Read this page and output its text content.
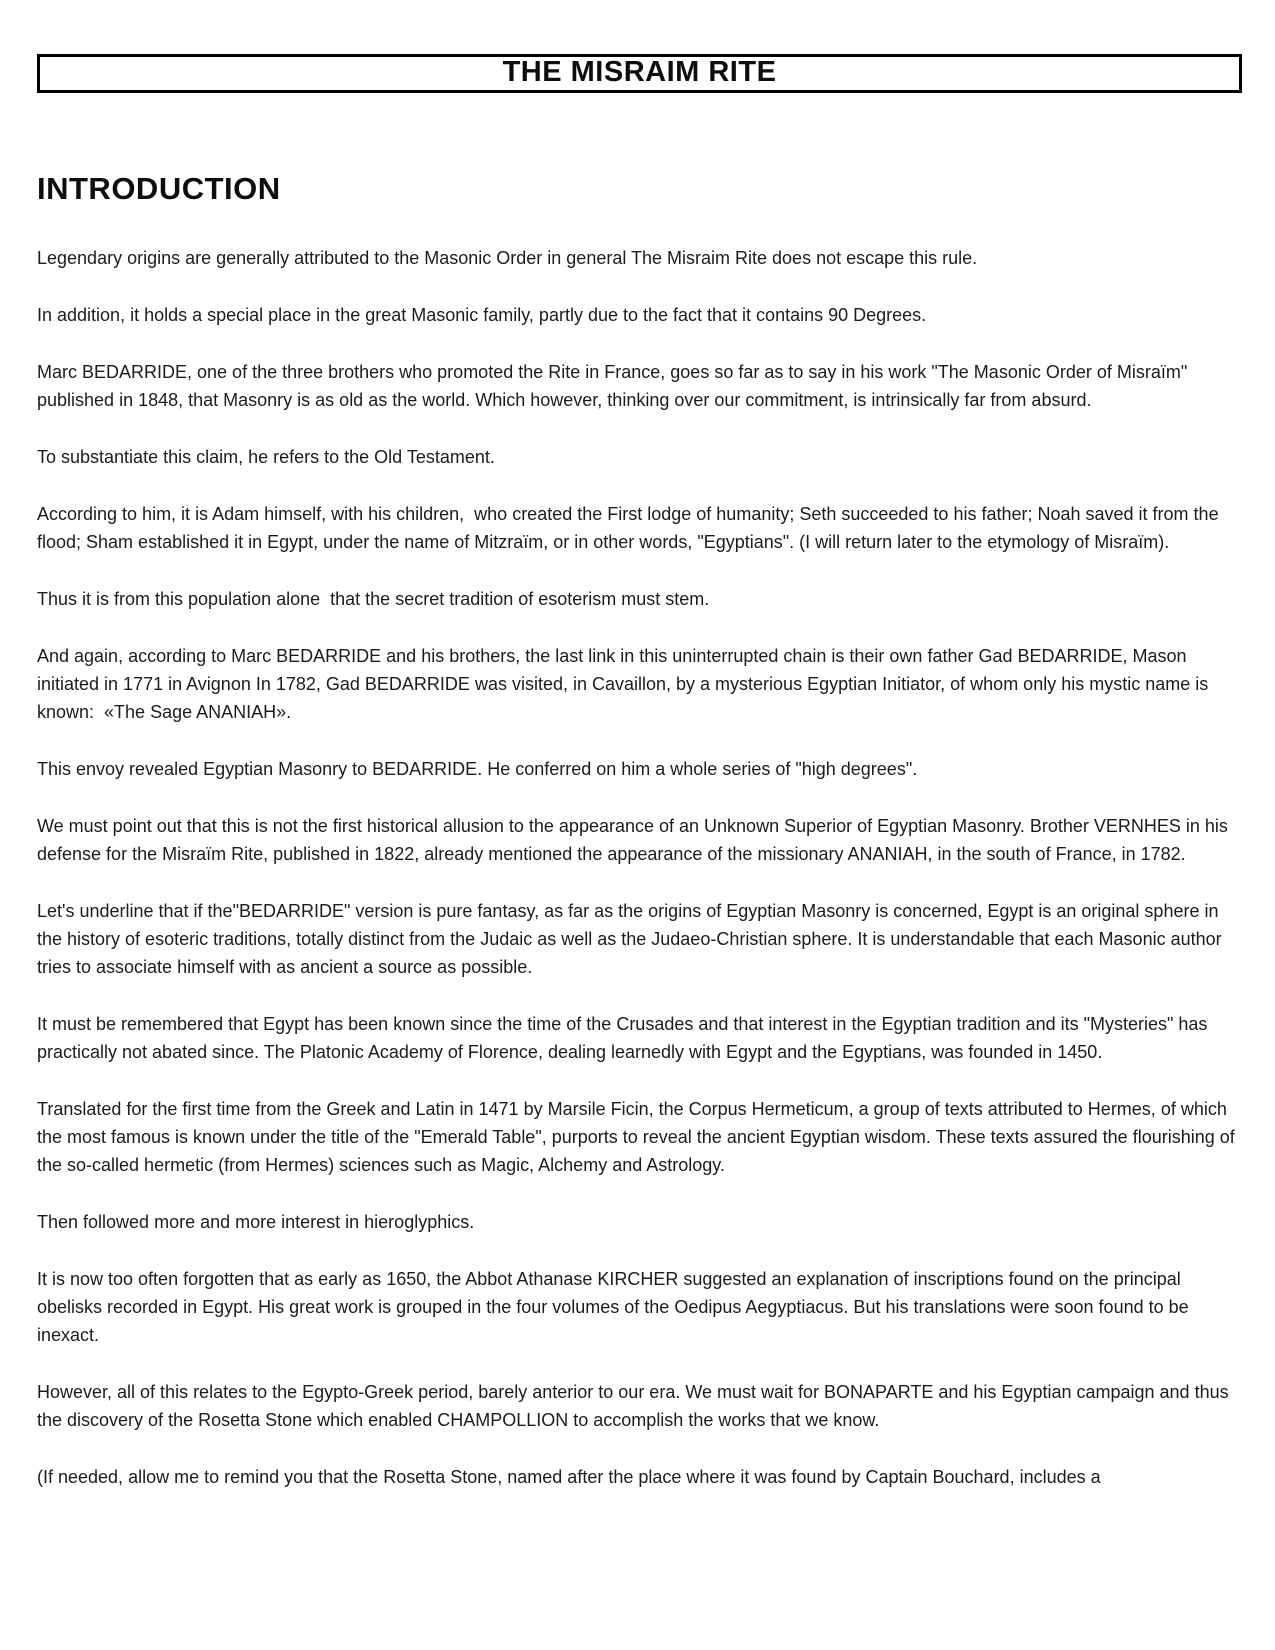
THE MISRAIM RITE
INTRODUCTION

Legendary origins are generally attributed to the Masonic Order in general The Misraim Rite does not escape this rule.

In addition, it holds a special place in the great Masonic family, partly due to the fact that it contains 90 Degrees.

Marc BEDARRIDE, one of the three brothers who promoted the Rite in France, goes so far as to say in his work "The Masonic Order of Misraïm" published in 1848, that Masonry is as old as the world. Which however, thinking over our commitment, is intrinsically far from absurd.

To substantiate this claim, he refers to the Old Testament.

According to him, it is Adam himself, with his children,  who created the First lodge of humanity; Seth succeeded to his father; Noah saved it from the flood; Sham established it in Egypt, under the name of Mitzraïm, or in other words, "Egyptians". (I will return later to the etymology of Misraïm).

Thus it is from this population alone  that the secret tradition of esoterism must stem.

And again, according to Marc BEDARRIDE and his brothers, the last link in this uninterrupted chain is their own father Gad BEDARRIDE, Mason initiated in 1771 in Avignon In 1782, Gad BEDARRIDE was visited, in Cavaillon, by a mysterious Egyptian Initiator, of whom only his mystic name is known:  «The Sage ANANIAH».

This envoy revealed Egyptian Masonry to BEDARRIDE. He conferred on him a whole series of "high degrees".

We must point out that this is not the first historical allusion to the appearance of an Unknown Superior of Egyptian Masonry. Brother VERNHES in his defense for the Misraïm Rite, published in 1822, already mentioned the appearance of the missionary ANANIAH, in the south of France, in 1782.

Let's underline that if the"BEDARRIDE" version is pure fantasy, as far as the origins of Egyptian Masonry is concerned, Egypt is an original sphere in the history of esoteric traditions, totally distinct from the Judaic as well as the Judaeo-Christian sphere. It is understandable that each Masonic author tries to associate himself with as ancient a source as possible.

It must be remembered that Egypt has been known since the time of the Crusades and that interest in the Egyptian tradition and its "Mysteries" has practically not abated since. The Platonic Academy of Florence, dealing learnedly with Egypt and the Egyptians, was founded in 1450.

Translated for the first time from the Greek and Latin in 1471 by Marsile Ficin, the Corpus Hermeticum, a group of texts attributed to Hermes, of which the most famous is known under the title of the "Emerald Table", purports to reveal the ancient Egyptian wisdom. These texts assured the flourishing of the so-called hermetic (from Hermes) sciences such as Magic, Alchemy and Astrology.

Then followed more and more interest in hieroglyphics.

It is now too often forgotten that as early as 1650, the Abbot Athanase KIRCHER suggested an explanation of inscriptions found on the principal obelisks recorded in Egypt. His great work is grouped in the four volumes of the Oedipus Aegyptiacus. But his translations were soon found to be inexact.

However, all of this relates to the Egypto-Greek period, barely anterior to our era. We must wait for BONAPARTE and his Egyptian campaign and thus the discovery of the Rosetta Stone which enabled CHAMPOLLION to accomplish the works that we know.

(If needed, allow me to remind you that the Rosetta Stone, named after the place where it was found by Captain Bouchard, includes a
